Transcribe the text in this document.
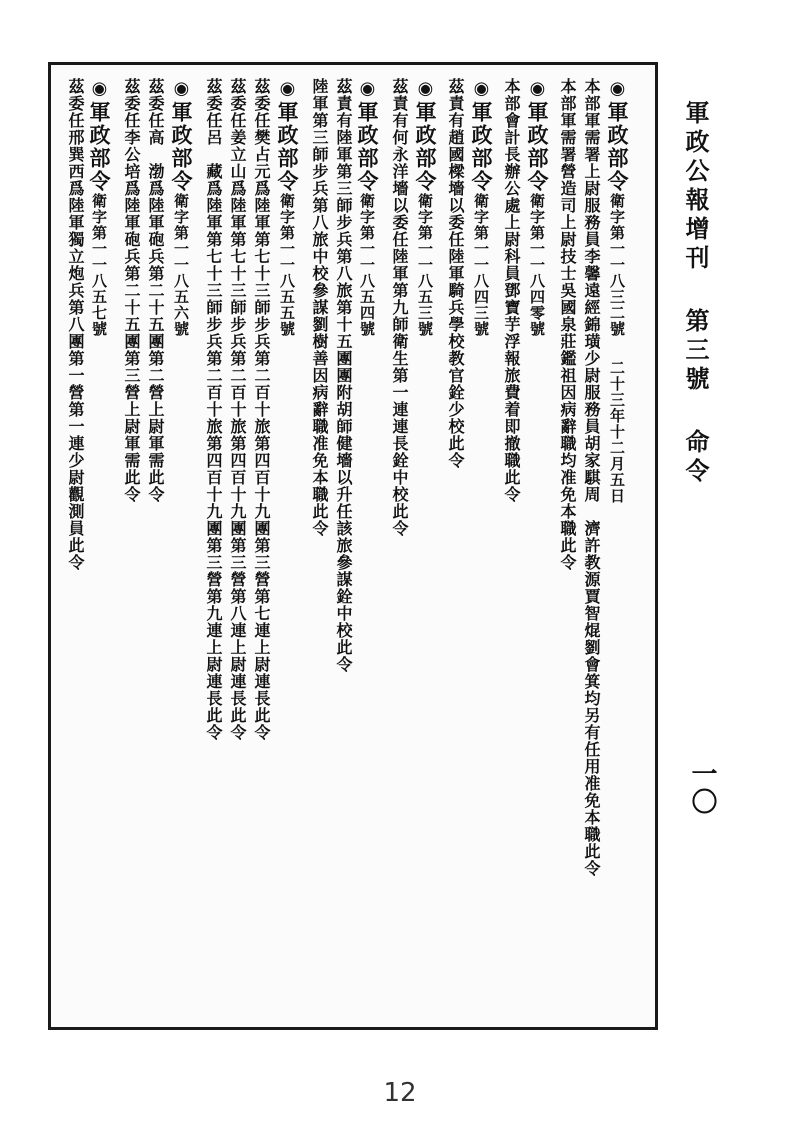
軍政公報增刊 第三號 命令
一〇
◉軍政部令衛字第一一八三二號　二十三年十二月五日
本部軍需署上尉服務員李馨遠經錦璜少尉服務員胡家騏周　濟許教源賈智焜劉會箕均另有任用准免本職此令
本部軍需署營造司上尉技士吳國泉莊鑑祖因病辭職均准免本職此令
◉軍政部令衛字第一一八四零號
本部會計長辦公處上尉科員鄧寶芋浮報旅費着即撤職此令
◉軍政部令衛字第一一八四三號
茲責有趙國樑墻以委任陸軍騎兵學校教官銓少校此令
◉軍政部令衛字第一一八五三號
茲責有何永洋墻以委任陸軍第九師衛生第一連連長銓中校此令
◉軍政部令衛字第一一八五四號
茲責有陸軍第三師步兵第八旅第十五團團附胡師健墻以升任該旅參謀銓中校此令
陸軍第三師步兵第八旅中校參謀劉樹善因病辭職准免本職此令
◉軍政部令衛字第一一八五五號
茲委任樊占元爲陸軍第七十三師步兵第二百十旅第四百十九團第三營第七連上尉連長此令
茲委任姜立山爲陸軍第七十三師步兵第二百十旅第四百十九團第三營第八連上尉連長此令
茲委任呂　藏爲陸軍第七十三師步兵第二百十旅第四百十九團第三營第九連上尉連長此令
◉軍政部令衛字第一一八五六號
茲委任高　渤爲陸軍砲兵第二十五團第二營上尉軍需此令
茲委任李公培爲陸軍砲兵第二十五團第三營上尉軍需此令
◉軍政部令衛字第一一八五七號
茲委任邢巽西爲陸軍獨立炮兵第八團第一營第一連少尉觀測員此令
12
